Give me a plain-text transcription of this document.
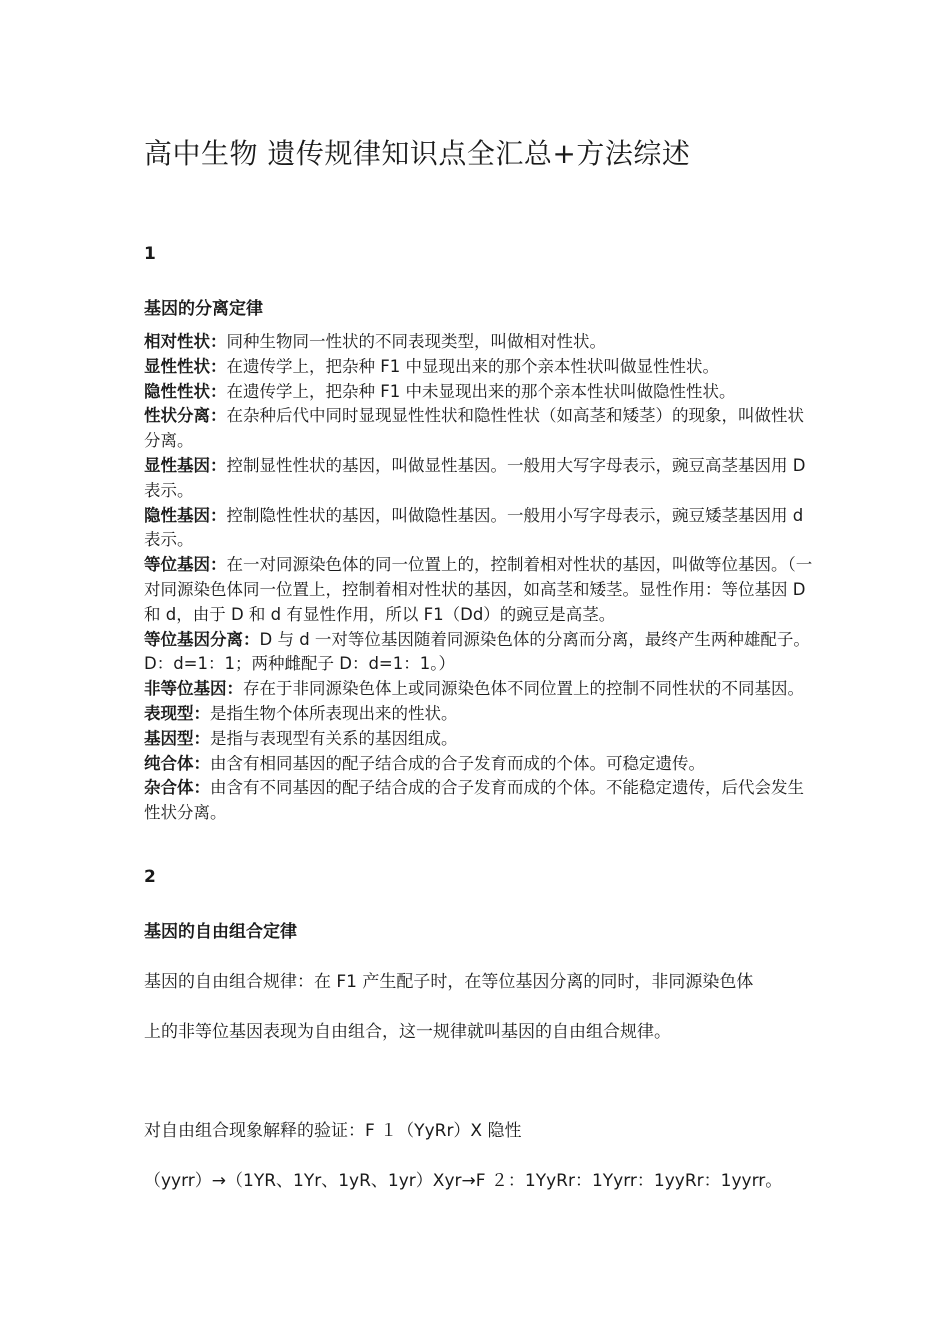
高中生物 遗传规律知识点全汇总+方法综述
1
基因的分离定律

相对性状：同种生物同一性状的不同表现类型，叫做相对性状。

显性性状：在遗传学上，把杂种 F1 中显现出来的那个亲本性状叫做显性性状。

隐性性状：在遗传学上，把杂种 F1 中未显现出来的那个亲本性状叫做隐性性状。

性状分离：在杂种后代中同时显现显性性状和隐性性状（如高茎和矮茎）的现象，叫做性状分离。

显性基因：控制显性性状的基因，叫做显性基因。一般用大写字母表示，豌豆高茎基因用 D 表示。

隐性基因：控制隐性性状的基因，叫做隐性基因。一般用小写字母表示，豌豆矮茎基因用 d 表示。

等位基因：在一对同源染色体的同一位置上的，控制着相对性状的基因，叫做等位基因。（一对同源染色体同一位置上，控制着相对性状的基因，如高茎和矮茎。显性作用：等位基因 D 和 d，由于 D 和 d 有显性作用，所以 F1（Dd）的豌豆是高茎。

等位基因分离：D 与 d 一对等位基因随着同源染色体的分离而分离，最终产生两种雄配子。D：d=1：1；两种雌配子 D：d=1：1。）

非等位基因：存在于非同源染色体上或同源染色体不同位置上的控制不同性状的不同基因。

表现型：是指生物个体所表现出来的性状。

基因型：是指与表现型有关系的基因组成。

纯合体：由含有相同基因的配子结合成的合子发育而成的个体。可稳定遗传。

杂合体：由含有不同基因的配子结合成的合子发育而成的个体。不能稳定遗传，后代会发生性状分离。

2
基因的自由组合定律
基因的自由组合规律：在 F1 产生配子时，在等位基因分离的同时，非同源染色体
上的非等位基因表现为自由组合，这一规律就叫基因的自由组合规律。
对自由组合现象解释的验证：F １（YyRr）X 隐性
（yyrr）→（1YR、1Yr、1yR、1yr）Xyr→F ２：1YyRr：1Yyrr：1yyRr：1yyrr。
